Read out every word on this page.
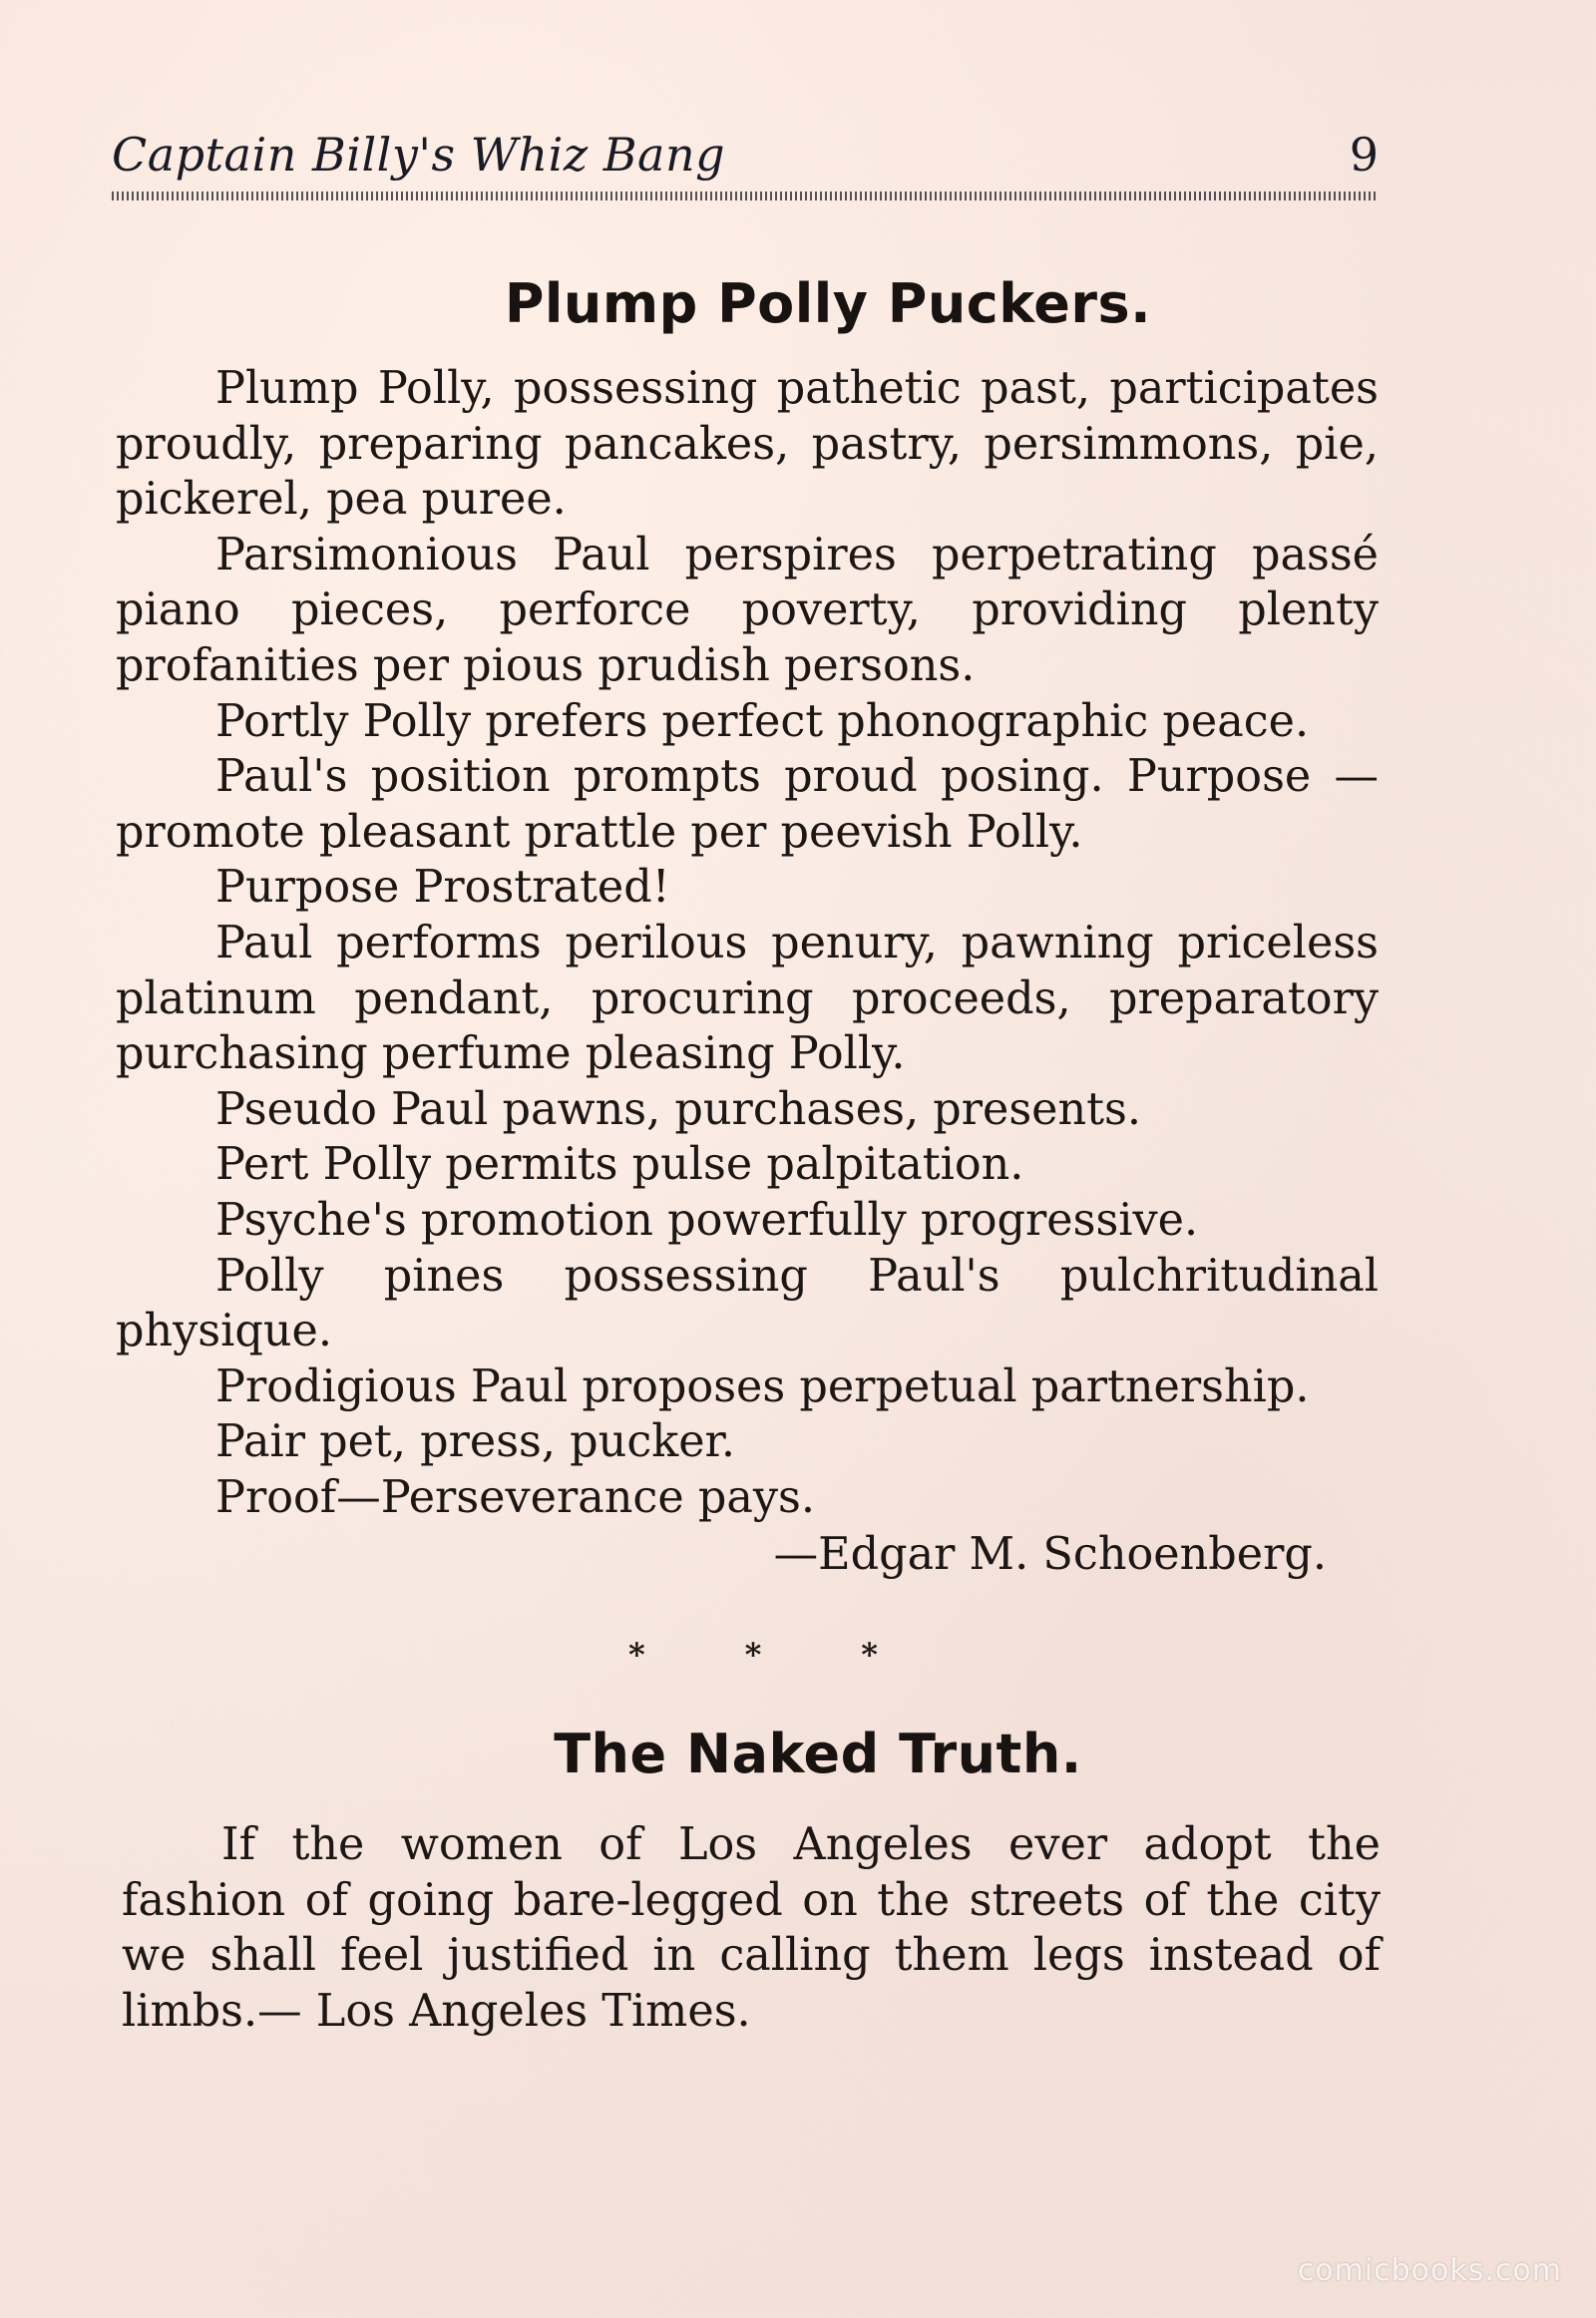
Captain Billy's Whiz Bang	9
Plump Polly Puckers.

Plump Polly, possessing pathetic past, participates proudly, preparing pancakes, pastry, persimmons, pie, pickerel, pea puree.

Parsimonious Paul perspires perpetrating passé piano pieces, perforce poverty, providing plenty profanities per pious prudish persons.

Portly Polly prefers perfect phonographic peace.

Paul's position prompts proud posing. Purpose —promote pleasant prattle per peevish Polly.

Purpose Prostrated!

Paul performs perilous penury, pawning priceless platinum pendant, procuring proceeds, preparatory purchasing perfume pleasing Polly.

Pseudo Paul pawns, purchases, presents.

Pert Polly permits pulse palpitation.

Psyche's promotion powerfully progressive.

Polly pines possessing Paul's pulchritudinal physique.

Prodigious Paul proposes perpetual partnership.

Pair pet, press, pucker.

Proof—Perseverance pays.

—Edgar M. Schoenberg.
*	*	*
The Naked Truth.

If the women of Los Angeles ever adopt the fashion of going bare-legged on the streets of the city we shall feel justified in calling them legs instead of limbs.— Los Angeles Times.

comicbooks.com
